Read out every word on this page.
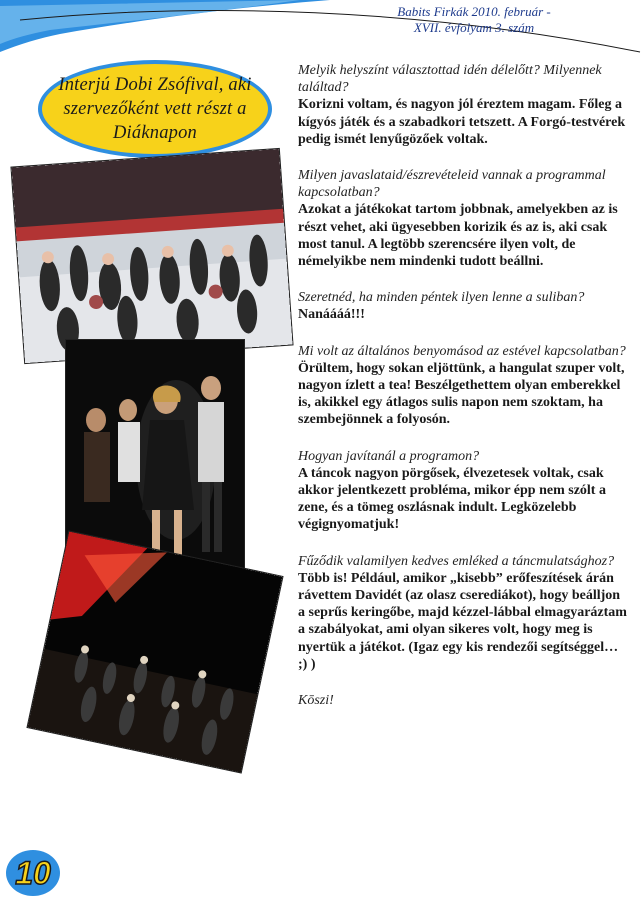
Babits Firkák 2010. február -
XVII. évfolyam 3. szám
Interjú Dobi Zsófival, aki szervezőként vett részt a Diáknapon
Melyik helyszínt választottad idén délelőtt? Milyennek találtad?
Korizni voltam, és nagyon jól éreztem magam. Főleg a kígyós játék és a szabadkori tetszett. A Forgó-testvérek pedig ismét lenyűgözőek voltak.
Milyen javaslataid/észrevételeid vannak a programmal kapcsolatban?
Azokat a játékokat tartom jobbnak, amelyekben az is részt vehet, aki ügyesebben korizik és az is, aki csak most tanul. A legtöbb szerencsére ilyen volt, de némelyikbe nem mindenki tudott beállni.
Szeretnéd, ha minden péntek ilyen lenne a suliban?
Nanáááá!!!
Mi volt az általános benyomásod az estével kapcsolatban?
Örültem, hogy sokan eljöttünk, a hangulat szuper volt, nagyon ízlett a tea! Beszélgethettem olyan emberekkel is, akikkel egy átlagos sulis napon nem szoktam, ha szembejönnek a folyosón.
Hogyan javítanál a programon?
A táncok nagyon pörgősek, élvezetesek voltak, csak akkor jelentkezett probléma, mikor épp nem szólt a zene, és a tömeg oszlásnak indult. Legközelebb végignyomatjuk!
Fűződik valamilyen kedves emléked a táncmulatsághoz?
Több is! Például, amikor „kisebb” erőfeszítések árán rávettem Davidét (az olasz cserediákot), hogy beálljon a seprűs keringőbe, majd kézzel-lábbal elmagyaráztam a szabályokat, ami olyan sikeres volt, hogy meg is nyertük a játékot. (Igaz egy kis rendezői segítséggel… ;) )
Kōszi!
10
